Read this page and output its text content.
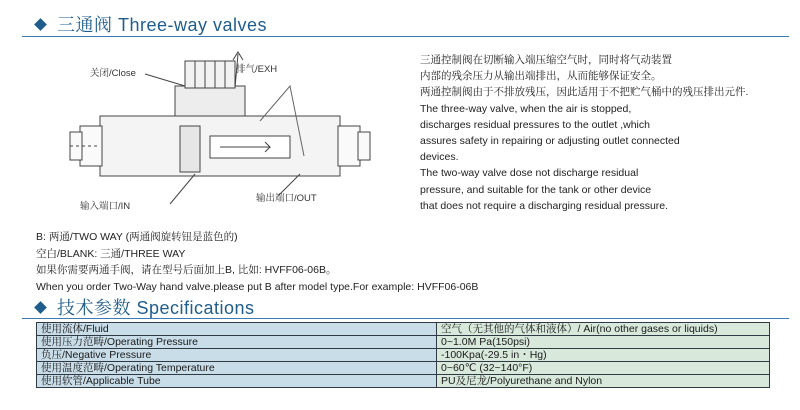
三通阀 Three-way valves
关闭/Close	排气/EXH
输入端口/IN
输出端口/OUT
三通控制阀在切断输入端压缩空气时，同时将气动装置
内部的残余压力从输出端排出，从而能够保证安全。
两通控制阀由于不排放残压，因此适用于不把贮气桶中的残压排出元件.
The three-way valve, when the air is stopped,
discharges residual pressures to the outlet ,which
assures safety in repairing or adjusting outlet connected
devices.
The two-way valve dose not discharge residual
pressure, and suitable for the tank or other device
that does not require a discharging residual pressure.
B: 两通/TWO WAY (两通阀旋转钮是蓝色的)
空白/BLANK: 三通/THREE WAY
如果你需要两通手阀，请在型号后面加上B, 比如: HVFF06-06B。
When you order Two-Way hand valve.please put B after model type.For example: HVFF06-06B
技术参数 Specifications
使用流体/Fluid	空气（无其他的气体和液体）/ Air(no other gases or liquids)
使用压力范畴/Operating Pressure	0~1.0M Pa(150psi)
负压/Negative Pressure	-100Kpa(-29.5 in・Hg)
使用温度范畴/Operating Temperature	0~60℃ (32~140°F)
使用软管/Applicable Tube	PU及尼龙/Polyurethane and Nylon
